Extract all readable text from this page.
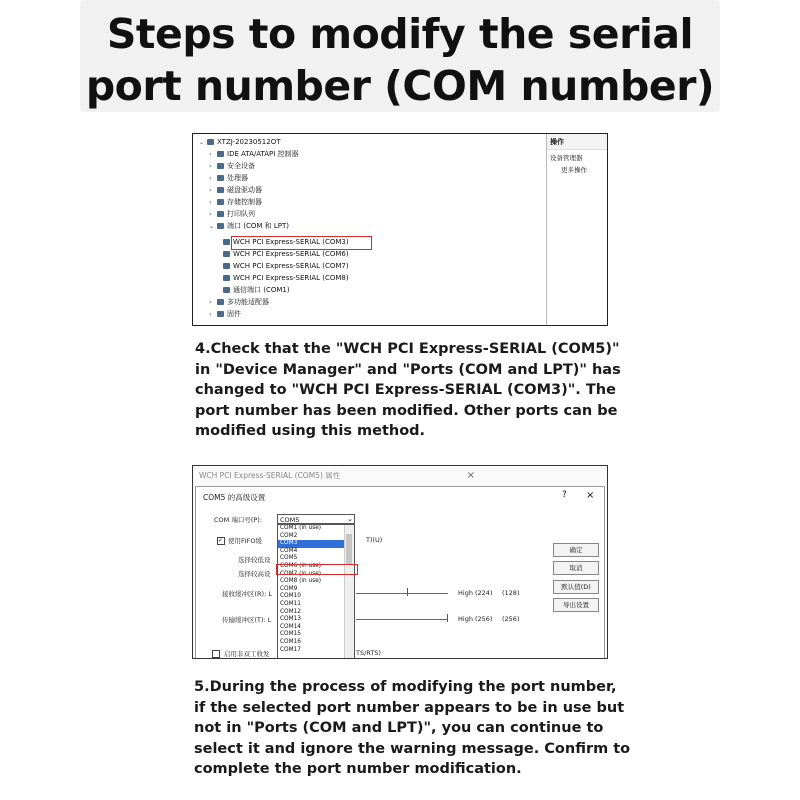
Steps to modify the serial
port number (COM number)
⌄ XTZJ-20230512OT
› IDE ATA/ATAPI 控制器
› 安全设备
› 处理器
› 磁盘驱动器
› 存储控制器
› 打印队列
⌄ 端口 (COM 和 LPT)
WCH PCI Express-SERIAL (COM3)
WCH PCI Express-SERIAL (COM6)
WCH PCI Express-SERIAL (COM7)
WCH PCI Express-SERIAL (COM8)
通信端口 (COM1)
› 多功能适配器
› 固件
操作
设备管理器
更多操作
4.Check that the "WCH PCI Express-SERIAL (COM5)"
in "Device Manager" and "Ports (COM and LPT)" has
changed to "WCH PCI Express-SERIAL (COM3)". The
port number has been modified. Other ports can be
modified using this method.
WCH PCI Express-SERIAL (COM5) 属性	×
COM5 的高级设置	? ×
COM 端口号(P):	COM5	⌄
✓ 使用FIFO缓	T)(U)
选择较低设
选择较高设
接收缓冲区(R): L	High (224) (128)
传输缓冲区(T): L	High (256) (256)
启用非双工收发	TS/RTS)
确定
取消
默认值(D)
导出设置
COM1 (in use)
COM2
COM3
COM4
COM5
COM6 (in use)
COM7 (in use)
COM8 (in use)
COM9
COM10
COM11
COM12
COM13
COM14
COM15
COM16
COM17
5.During the process of modifying the port number,
if the selected port number appears to be in use but
not in "Ports (COM and LPT)", you can continue to
select it and ignore the warning message. Confirm to
complete the port number modification.
